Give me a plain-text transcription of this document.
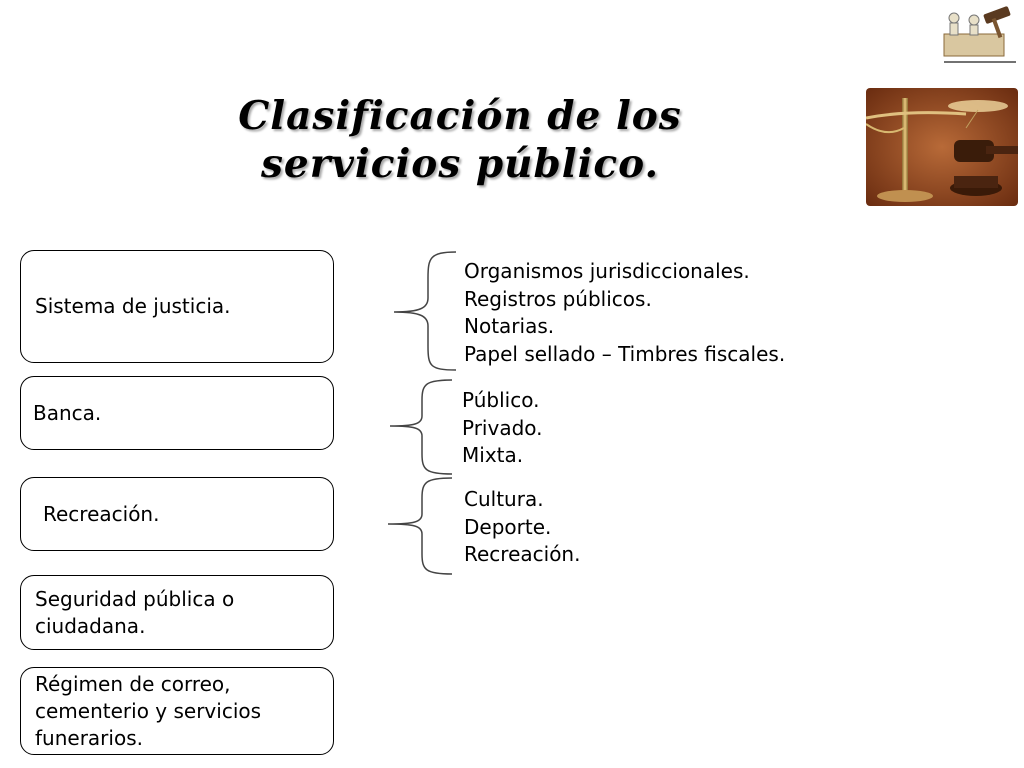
Clasificación de los
servicios público.
Sistema de justicia.
Banca.
Recreación.
Seguridad pública o ciudadana.
Régimen de correo, cementerio y servicios funerarios.
Organismos jurisdiccionales.
Registros públicos.
Notarias.
Papel sellado – Timbres fiscales.
Público.
Privado.
Mixta.
Cultura.
Deporte.
Recreación.
